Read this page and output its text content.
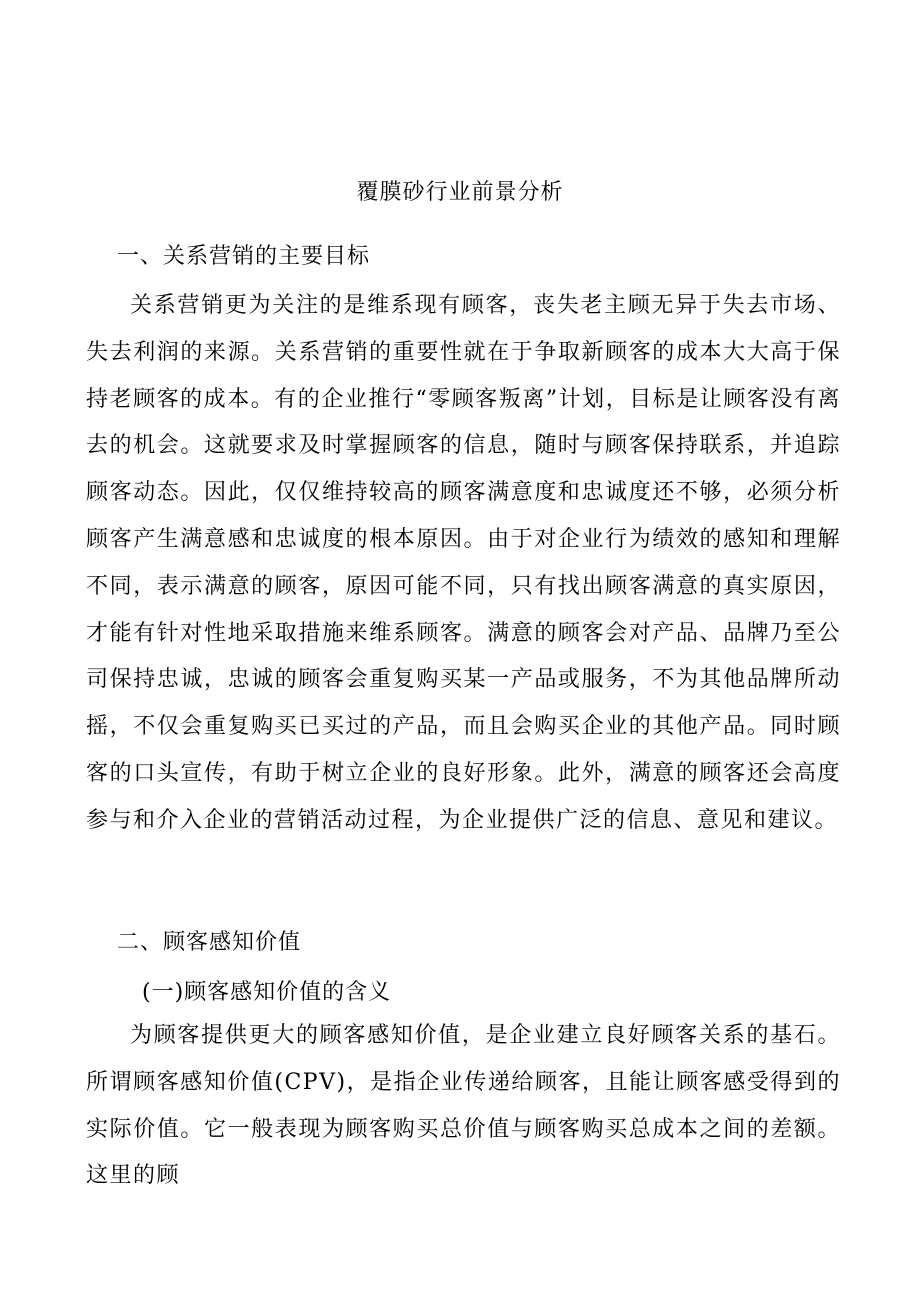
覆膜砂行业前景分析
一、关系营销的主要目标

关系营销更为关注的是维系现有顾客，丧失老主顾无异于失去市场、失去利润的来源。关系营销的重要性就在于争取新顾客的成本大大高于保持老顾客的成本。有的企业推行“零顾客叛离”计划，目标是让顾客没有离去的机会。这就要求及时掌握顾客的信息，随时与顾客保持联系，并追踪顾客动态。因此，仅仅维持较高的顾客满意度和忠诚度还不够，必须分析顾客产生满意感和忠诚度的根本原因。由于对企业行为绩效的感知和理解不同，表示满意的顾客，原因可能不同，只有找出顾客满意的真实原因，才能有针对性地采取措施来维系顾客。满意的顾客会对产品、品牌乃至公司保持忠诚，忠诚的顾客会重复购买某一产品或服务，不为其他品牌所动摇，不仅会重复购买已买过的产品，而且会购买企业的其他产品。同时顾客的口头宣传，有助于树立企业的良好形象。此外，满意的顾客还会高度参与和介入企业的营销活动过程，为企业提供广泛的信息、意见和建议。

二、顾客感知价值
(一)顾客感知价值的含义

为顾客提供更大的顾客感知价值，是企业建立良好顾客关系的基石。所谓顾客感知价值(CPV)，是指企业传递给顾客，且能让顾客感受得到的实际价值。它一般表现为顾客购买总价值与顾客购买总成本之间的差额。这里的顾
